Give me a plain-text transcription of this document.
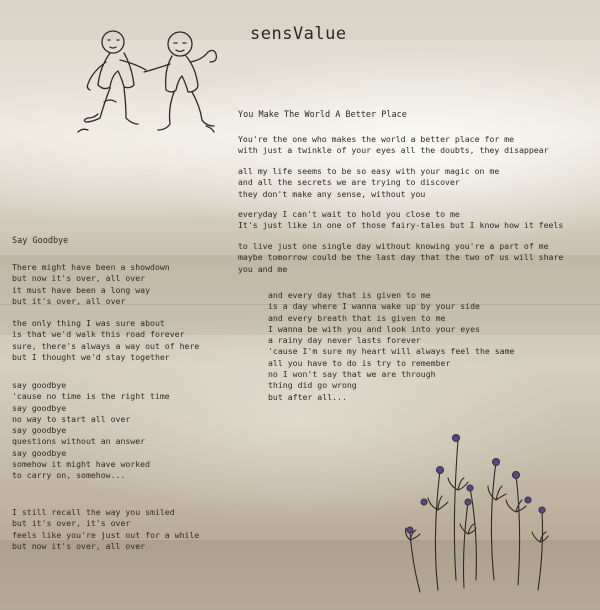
sensValue
You Make The World A Better Place
You're the one who makes the world a better place for me
with just a twinkle of your eyes all the doubts, they disappear
all my life seems to be so easy with your magic on me
and all the secrets we are trying to discover
they don't make any sense, without you
everyday I can't wait to hold you close to me
It's just like in one of those fairy-tales but I know how it feels
to live just one single day without knowing you're a part of me
maybe tomorrow could be the last day that the two of us will share
you and me
and every day that is given to me
is a day where I wanna wake up by your side
and every breath that is given to me
I wanna be with you and look into your eyes
a rainy day never lasts forever
'cause I'm sure my heart will always feel the same
all you have to do is try to remember
no I won't say that we are through
thing did go wrong
but after all...
Say Goodbye
There might have been a showdown
but now it's over, all over
it must have been a long way
but it's over, all over
the only thing I was sure about
is that we'd walk this road forever
sure, there's always a way out of here
but I thought we'd stay together
say goodbye
'cause no time is the right time
say goodbye
no way to start all over
say goodbye
questions without an answer
say goodbye
somehow it might have worked
to carry on, somehow...
I still recall the way you smiled
but it's over, it's over
feels like you're just out for a while
but now it's over, all over
